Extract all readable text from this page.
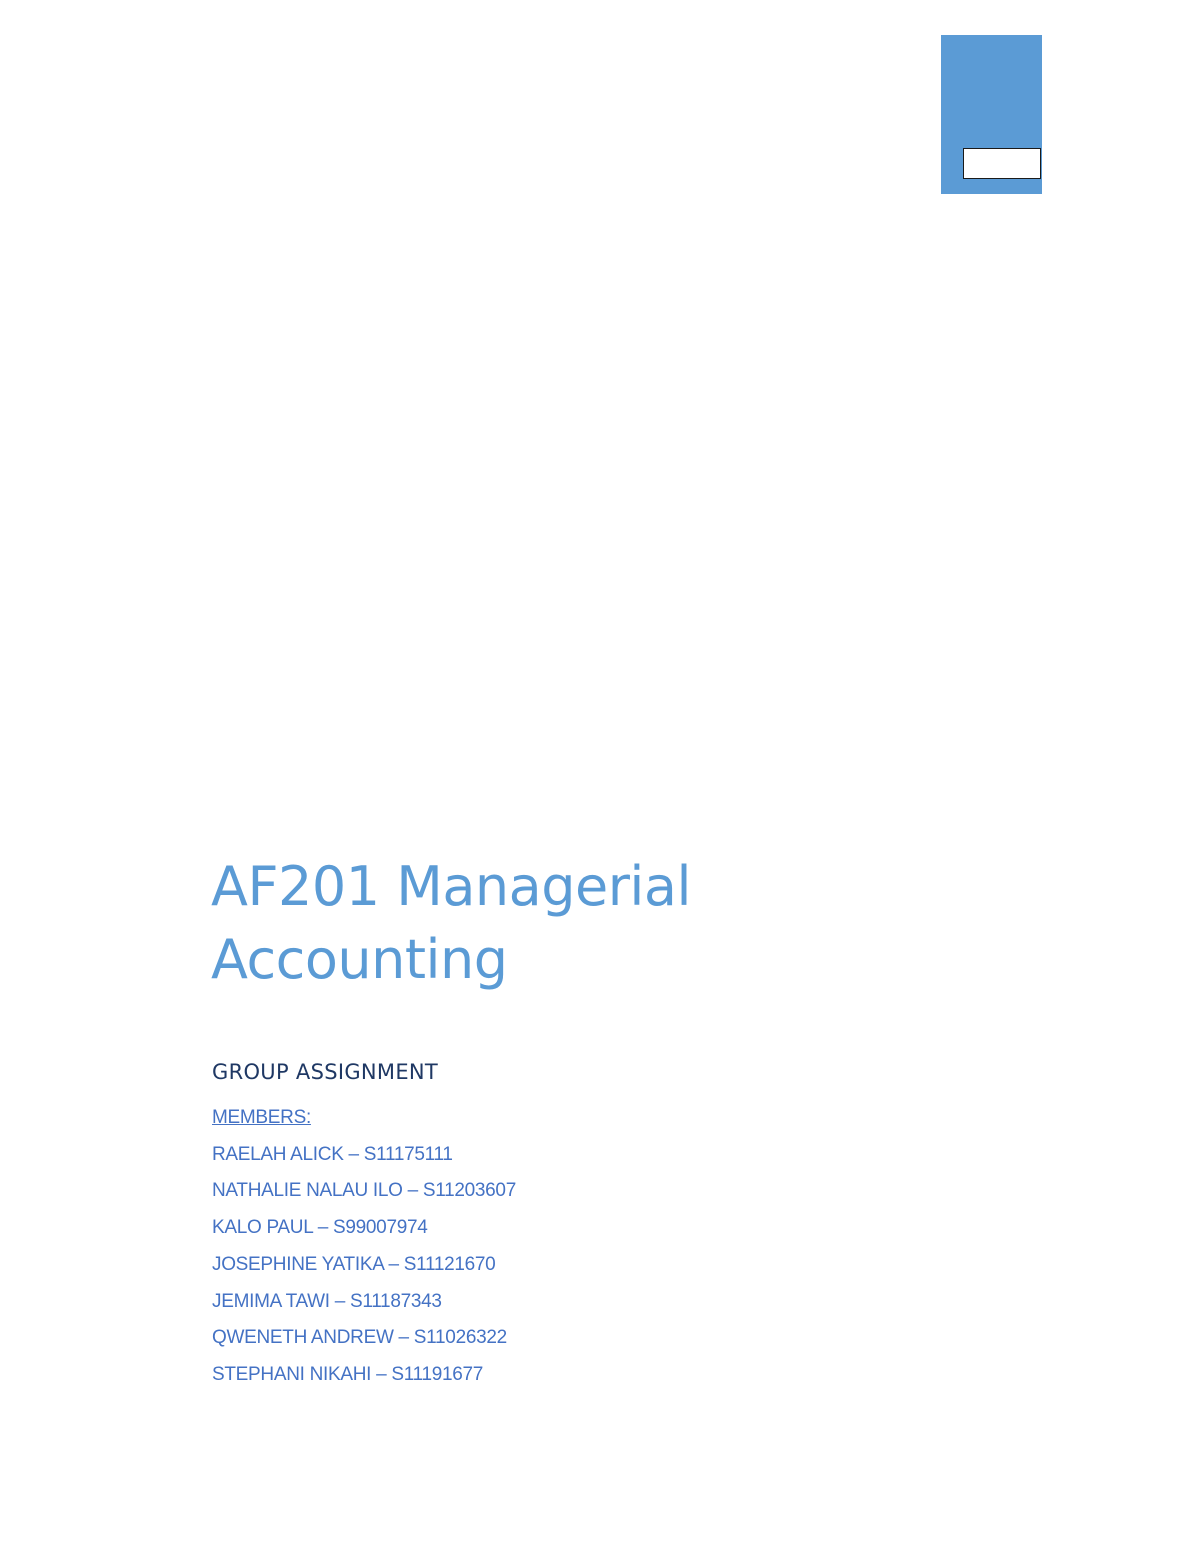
AF201 Managerial
Accounting

GROUP ASSIGNMENT

MEMBERS:
RAELAH ALICK – S11175111
NATHALIE NALAU ILO – S11203607
KALO PAUL – S99007974
JOSEPHINE YATIKA – S11121670
JEMIMA TAWI – S11187343
QWENETH ANDREW – S11026322
STEPHANI NIKAHI – S11191677
